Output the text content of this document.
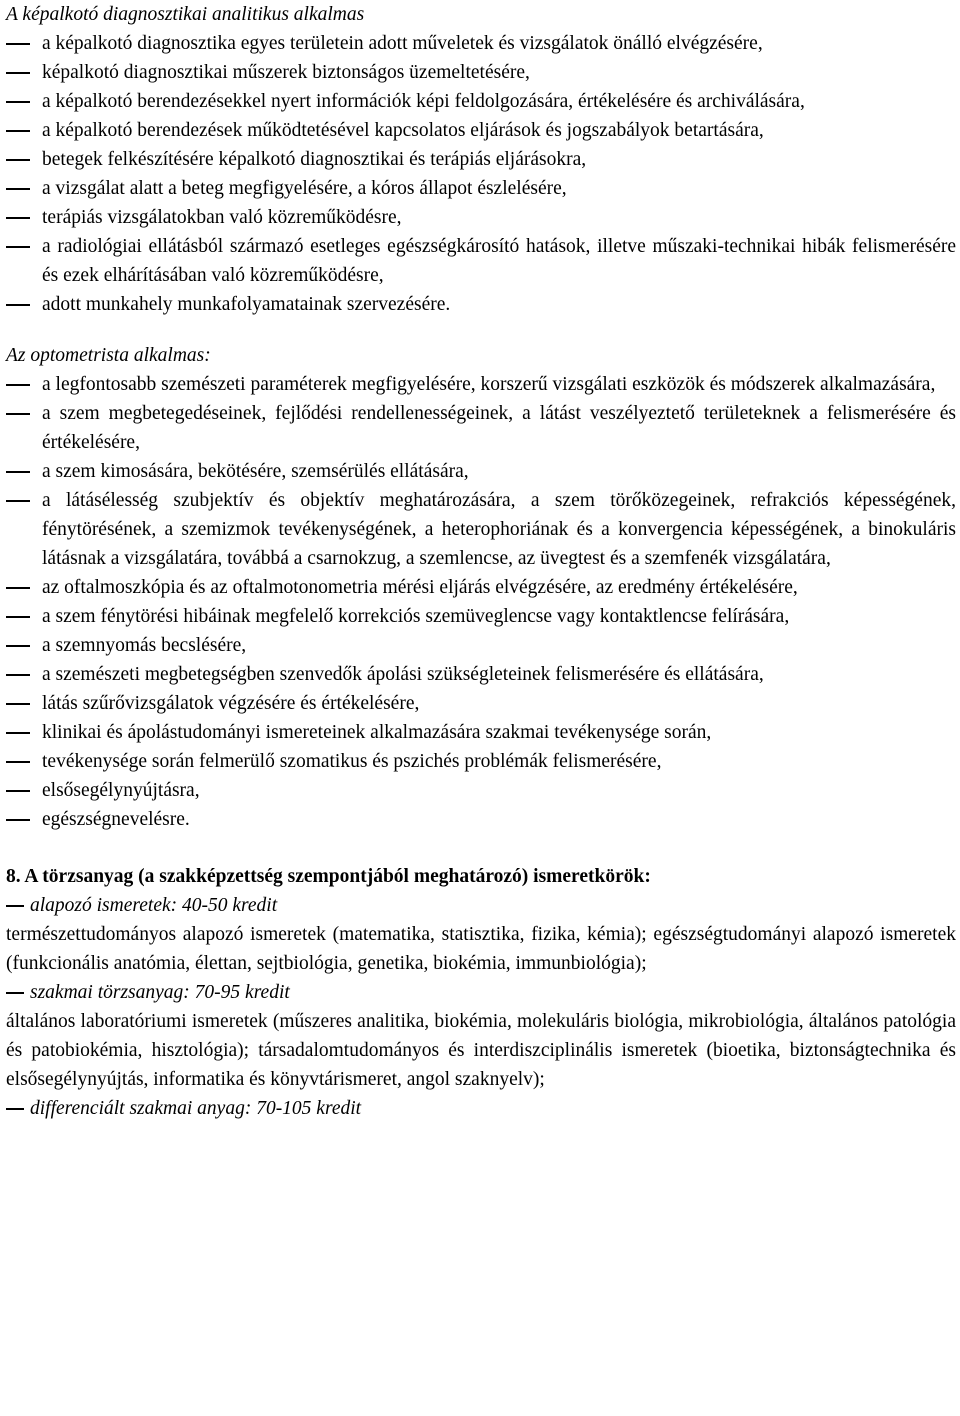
A képalkotó diagnosztikai analitikus alkalmas

a képalkotó diagnosztika egyes területein adott műveletek és vizsgálatok önálló elvégzésére,
képalkotó diagnosztikai műszerek biztonságos üzemeltetésére,
a képalkotó berendezésekkel nyert információk képi feldolgozására, értékelésére és archiválására,
a képalkotó berendezések működtetésével kapcsolatos eljárások és jogszabályok betartására,
betegek felkészítésére képalkotó diagnosztikai és terápiás eljárásokra,
a vizsgálat alatt a beteg megfigyelésére, a kóros állapot észlelésére,
terápiás vizsgálatokban való közreműködésre,
a radiológiai ellátásból származó esetleges egészségkárosító hatások, illetve műszaki-technikai hibák felismerésére és ezek elhárításában való közreműködésre,
adott munkahely munkafolyamatainak szervezésére.

Az optometrista alkalmas:

a legfontosabb szemészeti paraméterek megfigyelésére, korszerű vizsgálati eszközök és módszerek alkalmazására,
a szem megbetegedéseinek, fejlődési rendellenességeinek, a látást veszélyeztető területeknek a felismerésére és értékelésére,
a szem kimosására, bekötésére, szemsérülés ellátására,
a látásélesség szubjektív és objektív meghatározására, a szem törőközegeinek, refrakciós képességének, fénytörésének, a szemizmok tevékenységének, a heterophoriának és a konvergencia képességének, a binokuláris látásnak a vizsgálatára, továbbá a csarnokzug, a szemlencse, az üvegtest és a szemfenék vizsgálatára,
az oftalmoszkópia és az oftalmotonometria mérési eljárás elvégzésére, az eredmény értékelésére,
a szem fénytörési hibáinak megfelelő korrekciós szemüveglencse vagy kontaktlencse felírására,
a szemnyomás becslésére,
a szemészeti megbetegségben szenvedők ápolási szükségleteinek felismerésére és ellátására,
látás szűrővizsgálatok végzésére és értékelésére,
klinikai és ápolástudományi ismereteinek alkalmazására szakmai tevékenysége során,
tevékenysége során felmerülő szomatikus és pszichés problémák felismerésére,
elsősegélynyújtásra,
egészségnevelésre.

8. A törzsanyag (a szakképzettség szempontjából meghatározó) ismeretkörök:

alapozó ismeretek: 40-50 kredit

természettudományos alapozó ismeretek (matematika, statisztika, fizika, kémia); egészségtudományi alapozó ismeretek (funkcionális anatómia, élettan, sejtbiológia, genetika, biokémia, immunbiológia);

szakmai törzsanyag: 70-95 kredit

általános laboratóriumi ismeretek (műszeres analitika, biokémia, molekuláris biológia, mikrobiológia, általános patológia és patobiokémia, hisztológia); társadalomtudományos és interdiszciplinális ismeretek (bioetika, biztonságtechnika és elsősegélynyújtás, informatika és könyvtárismeret, angol szaknyelv);

differenciált szakmai anyag: 70-105 kredit
